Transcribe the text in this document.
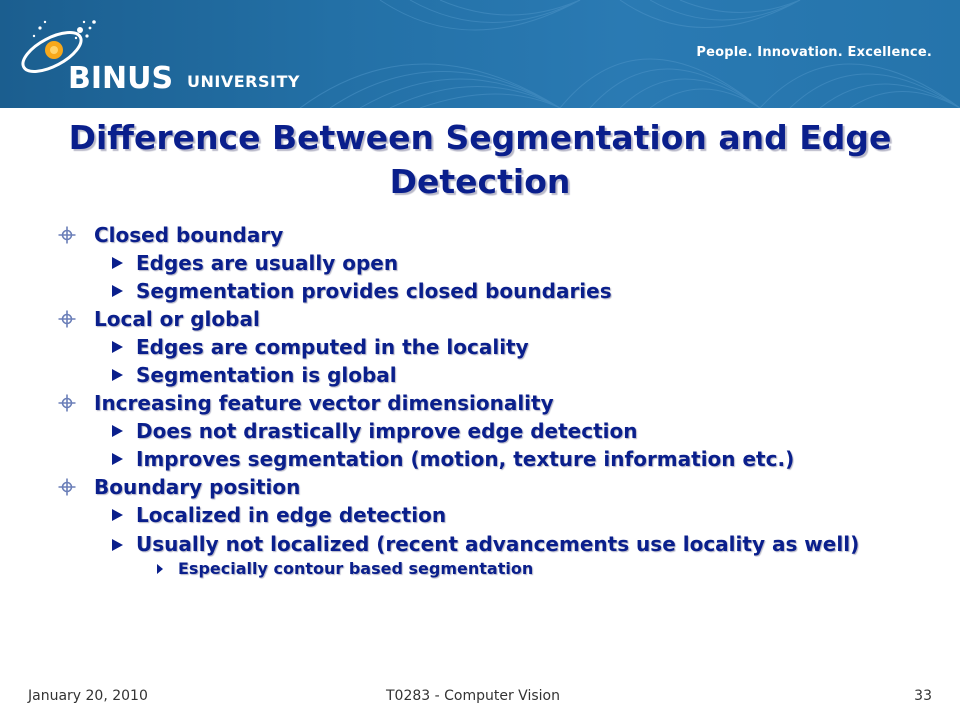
BINUS UNIVERSITY
People. Innovation. Excellence.
Difference Between Segmentation and Edge Detection
Closed boundary
Edges are usually open
Segmentation provides closed boundaries
Local or global
Edges are computed in the locality
Segmentation is global
Increasing feature vector dimensionality
Does not drastically improve edge detection
Improves segmentation (motion, texture information etc.)
Boundary position
Localized in edge detection
Usually not localized (recent advancements use locality as well)
Especially contour based segmentation
January 20, 2010	T0283 - Computer Vision	33
